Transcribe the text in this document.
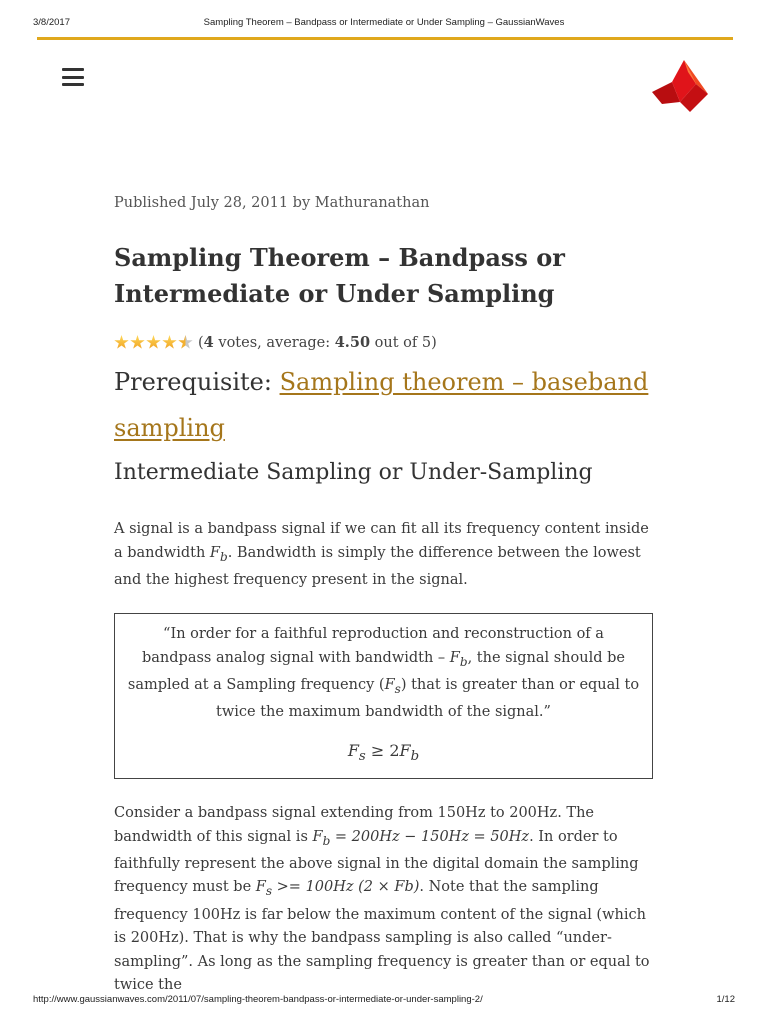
3/8/2017	Sampling Theorem – Bandpass or Intermediate or Under Sampling – GaussianWaves
Published July 28, 2011 by Mathuranathan
Sampling Theorem – Bandpass or Intermediate or Under Sampling
(4 votes, average: 4.50 out of 5)
Prerequisite: Sampling theorem – baseband sampling
Intermediate Sampling or Under-Sampling

A signal is a bandpass signal if we can fit all its frequency content inside a bandwidth $F_b$. Bandwidth is simply the difference between the lowest and the highest frequency present in the signal.

“In order for a faithful reproduction and reconstruction of a bandpass analog signal with bandwidth – $F_b$, the signal should be sampled at a Sampling frequency $(F_s)$ that is greater than or equal to twice the maximum bandwidth of the signal.”
$F_s \ge 2F_b$

Consider a bandpass signal extending from 150Hz to 200Hz. The bandwidth of this signal is $F_b = 200Hz - 150Hz = 50Hz$. In order to faithfully represent the above signal in the digital domain the sampling frequency must be $F_s >= 100Hz$ (2 × Fb). Note that the sampling frequency 100Hz is far below the maximum content of the signal (which is 200Hz). That is why the bandpass sampling is also called “under-sampling”. As long as the sampling frequency is greater than or equal to twice the

http://www.gaussianwaves.com/2011/07/sampling-theorem-bandpass-or-intermediate-or-under-sampling-2/	1/12
